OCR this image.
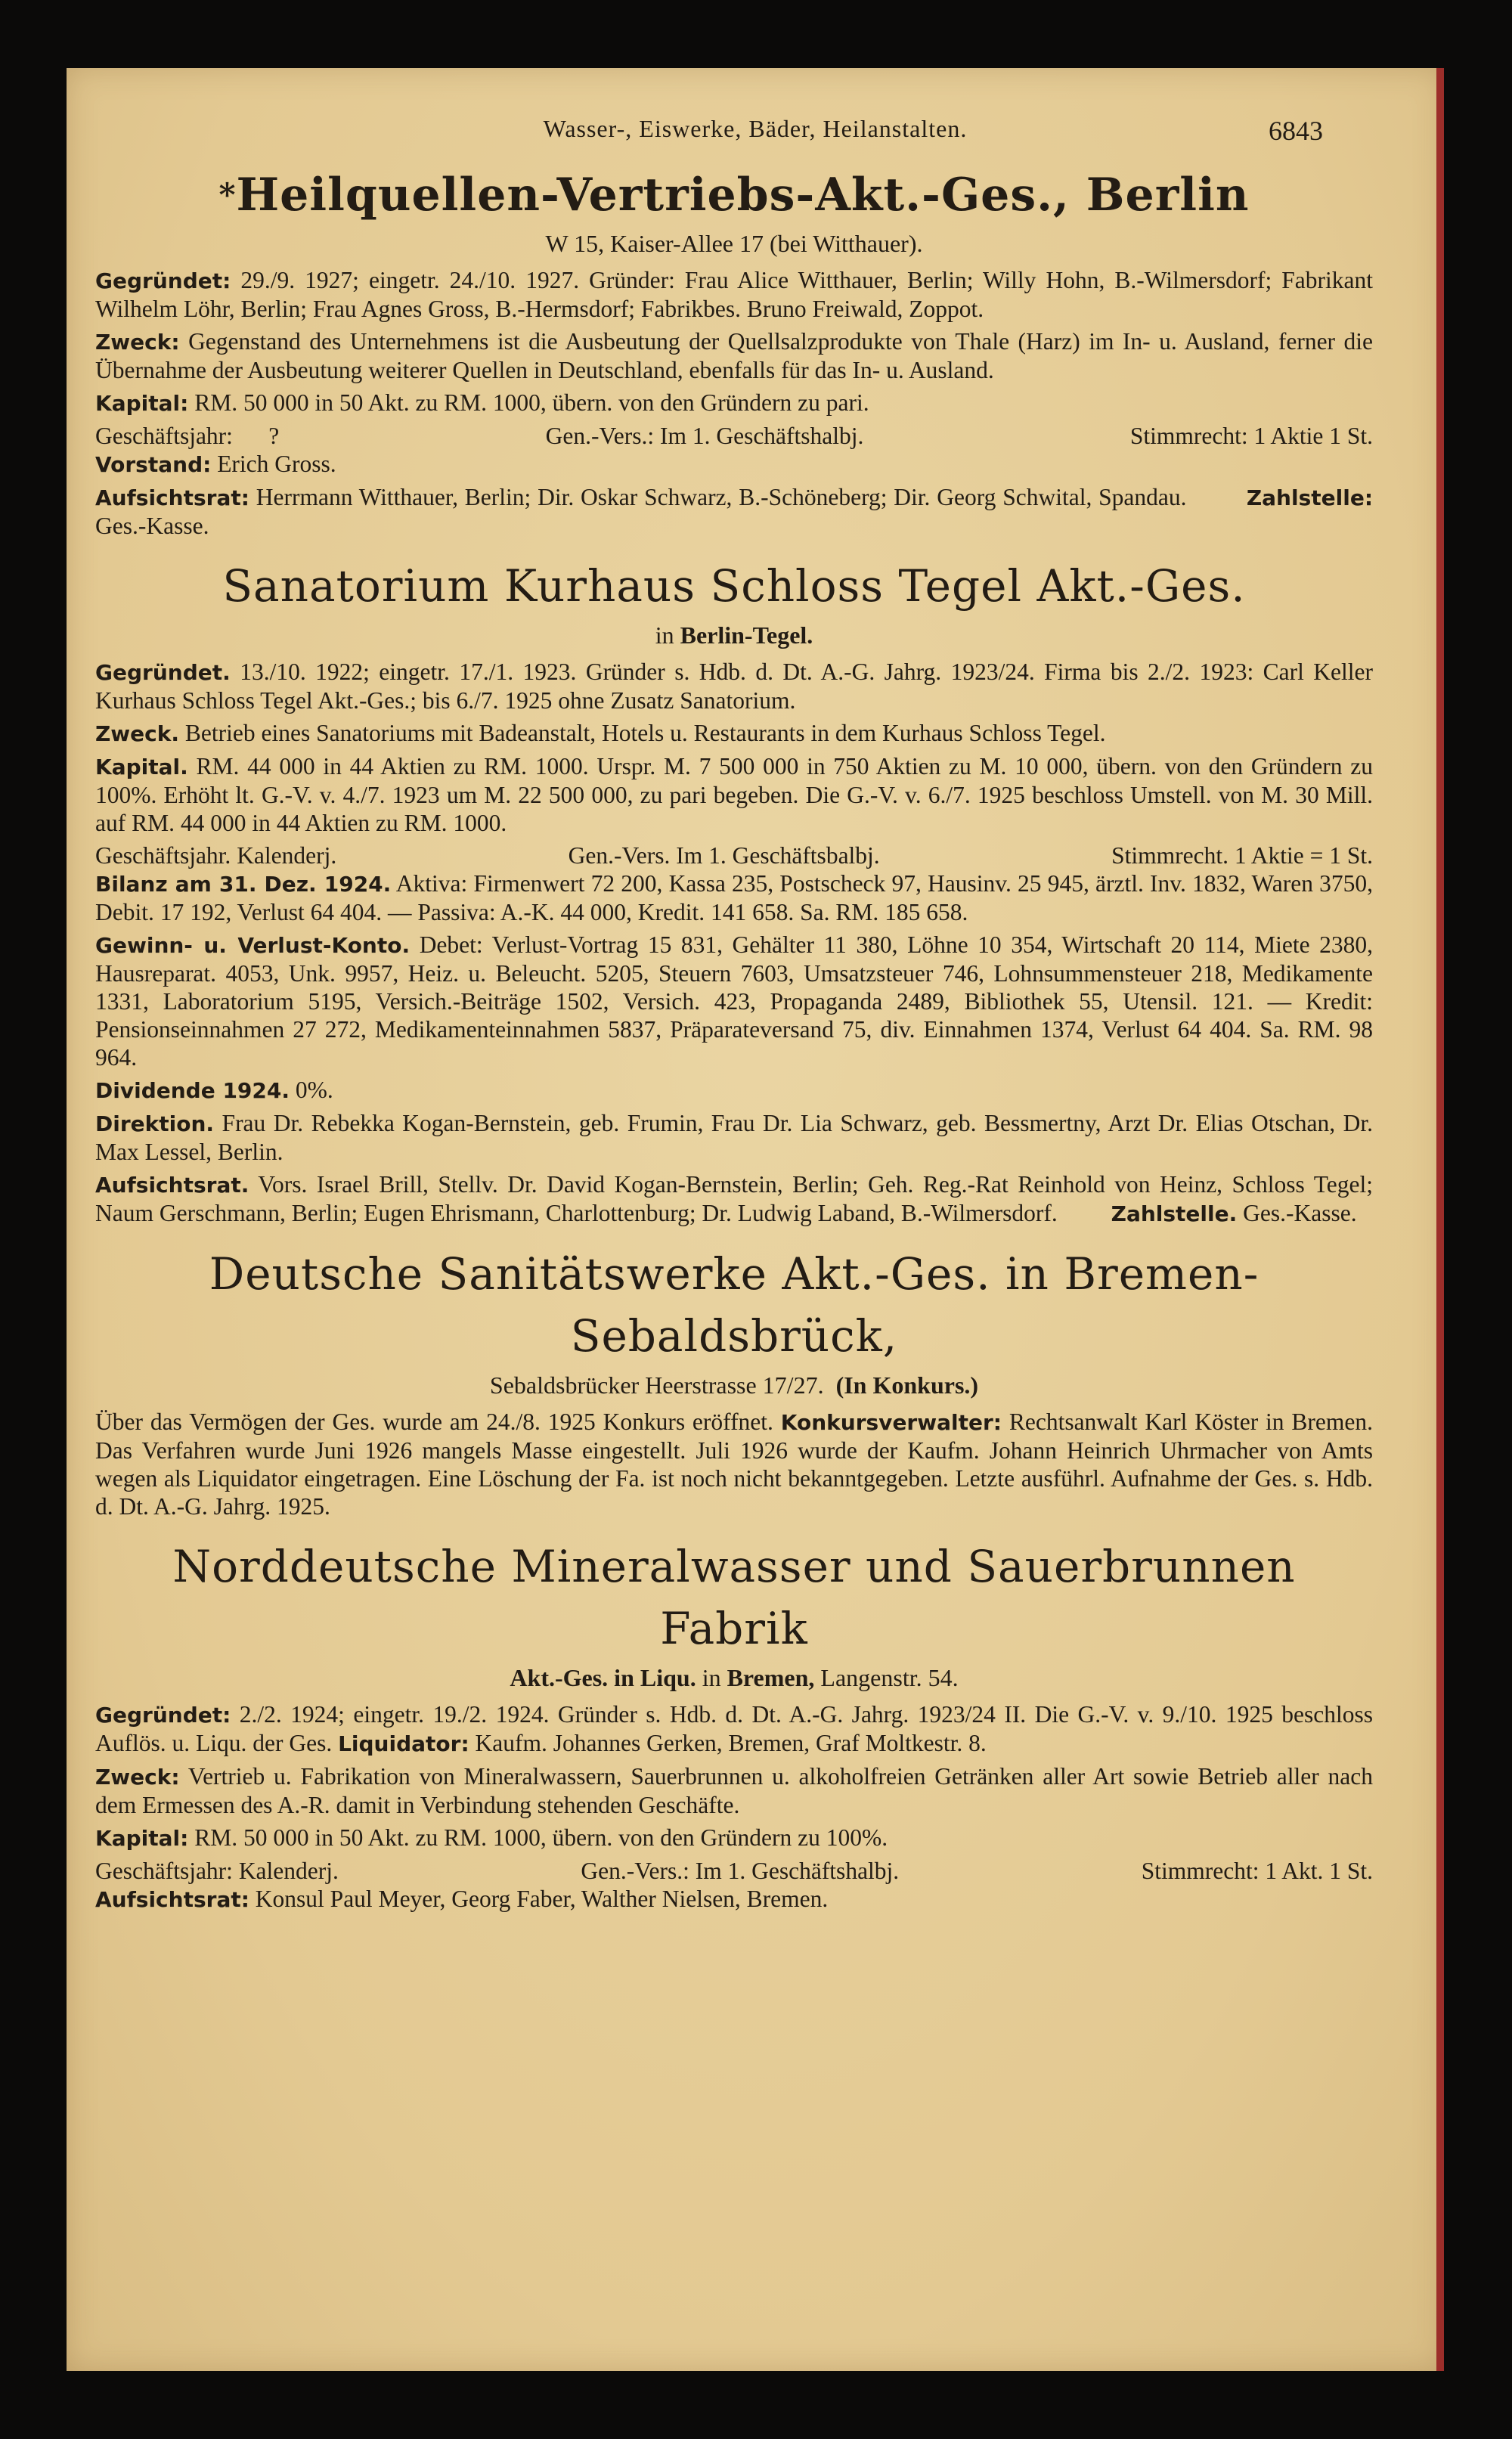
Wasser-, Eiswerke, Bäder, Heilanstalten.	6843
*Heilquellen-Vertriebs-Akt.-Ges., Berlin
W 15, Kaiser-Allee 17 (bei Witthauer).

Gegründet: 29./9. 1927; eingetr. 24./10. 1927. Gründer: Frau Alice Witthauer, Berlin; Willy Hohn, B.-Wilmersdorf; Fabrikant Wilhelm Löhr, Berlin; Frau Agnes Gross, B.-Hermsdorf; Fabrikbes. Bruno Freiwald, Zoppot.

Zweck: Gegenstand des Unternehmens ist die Ausbeutung der Quellsalzprodukte von Thale (Harz) im In- u. Ausland, ferner die Übernahme der Ausbeutung weiterer Quellen in Deutschland, ebenfalls für das In- u. Ausland.

Kapital: RM. 50 000 in 50 Akt. zu RM. 1000, übern. von den Gründern zu pari.

Geschäftsjahr: ?	Gen.-Vers.: Im 1. Geschäftshalbj.	Stimmrecht: 1 Aktie 1 St.

Vorstand: Erich Gross.

Aufsichtsrat: Herrmann Witthauer, Berlin; Dir. Oskar Schwarz, B.-Schöneberg; Dir. Georg Schwital, Spandau.	Zahlstelle: Ges.-Kasse.

Sanatorium Kurhaus Schloss Tegel Akt.-Ges.
in Berlin-Tegel.

Gegründet. 13./10. 1922; eingetr. 17./1. 1923. Gründer s. Hdb. d. Dt. A.-G. Jahrg. 1923/24. Firma bis 2./2. 1923: Carl Keller Kurhaus Schloss Tegel Akt.-Ges.; bis 6./7. 1925 ohne Zusatz Sanatorium.

Zweck. Betrieb eines Sanatoriums mit Badeanstalt, Hotels u. Restaurants in dem Kurhaus Schloss Tegel.

Kapital. RM. 44 000 in 44 Aktien zu RM. 1000. Urspr. M. 7 500 000 in 750 Aktien zu M. 10 000, übern. von den Gründern zu 100%. Erhöht lt. G.-V. v. 4./7. 1923 um M. 22 500 000, zu pari begeben. Die G.-V. v. 6./7. 1925 beschloss Umstell. von M. 30 Mill. auf RM. 44 000 in 44 Aktien zu RM. 1000.

Geschäftsjahr. Kalenderj.	Gen.-Vers. Im 1. Geschäftsbalbj.	Stimmrecht. 1 Aktie = 1 St.

Bilanz am 31. Dez. 1924. Aktiva: Firmenwert 72 200, Kassa 235, Postscheck 97, Hausinv. 25 945, ärztl. Inv. 1832, Waren 3750, Debit. 17 192, Verlust 64 404. — Passiva: A.-K. 44 000, Kredit. 141 658. Sa. RM. 185 658.

Gewinn- u. Verlust-Konto. Debet: Verlust-Vortrag 15 831, Gehälter 11 380, Löhne 10 354, Wirtschaft 20 114, Miete 2380, Hausreparat. 4053, Unk. 9957, Heiz. u. Beleucht. 5205, Steuern 7603, Umsatzsteuer 746, Lohnsummensteuer 218, Medikamente 1331, Laboratorium 5195, Versich.-Beiträge 1502, Versich. 423, Propaganda 2489, Bibliothek 55, Utensil. 121. — Kredit: Pensionseinnahmen 27 272, Medikamenteinnahmen 5837, Präparateversand 75, div. Einnahmen 1374, Verlust 64 404. Sa. RM. 98 964.

Dividende 1924. 0%.

Direktion. Frau Dr. Rebekka Kogan-Bernstein, geb. Frumin, Frau Dr. Lia Schwarz, geb. Bessmertny, Arzt Dr. Elias Otschan, Dr. Max Lessel, Berlin.

Aufsichtsrat. Vors. Israel Brill, Stellv. Dr. David Kogan-Bernstein, Berlin; Geh. Reg.-Rat Reinhold von Heinz, Schloss Tegel; Naum Gerschmann, Berlin; Eugen Ehrismann, Charlottenburg; Dr. Ludwig Laband, B.-Wilmersdorf.	Zahlstelle. Ges.-Kasse.

Deutsche Sanitätswerke Akt.-Ges. in Bremen-Sebaldsbrück,
Sebaldsbrücker Heerstrasse 17/27. (In Konkurs.)

Über das Vermögen der Ges. wurde am 24./8. 1925 Konkurs eröffnet. Konkursverwalter: Rechtsanwalt Karl Köster in Bremen. Das Verfahren wurde Juni 1926 mangels Masse eingestellt. Juli 1926 wurde der Kaufm. Johann Heinrich Uhrmacher von Amts wegen als Liquidator eingetragen. Eine Löschung der Fa. ist noch nicht bekanntgegeben. Letzte ausführl. Aufnahme der Ges. s. Hdb. d. Dt. A.-G. Jahrg. 1925.

Norddeutsche Mineralwasser und Sauerbrunnen Fabrik
Akt.-Ges. in Liqu. in Bremen, Langenstr. 54.

Gegründet: 2./2. 1924; eingetr. 19./2. 1924. Gründer s. Hdb. d. Dt. A.-G. Jahrg. 1923/24 II. Die G.-V. v. 9./10. 1925 beschloss Auflös. u. Liqu. der Ges. Liquidator: Kaufm. Johannes Gerken, Bremen, Graf Moltkestr. 8.

Zweck: Vertrieb u. Fabrikation von Mineralwassern, Sauerbrunnen u. alkoholfreien Getränken aller Art sowie Betrieb aller nach dem Ermessen des A.-R. damit in Verbindung stehenden Geschäfte.

Kapital: RM. 50 000 in 50 Akt. zu RM. 1000, übern. von den Gründern zu 100%.

Geschäftsjahr: Kalenderj.	Gen.-Vers.: Im 1. Geschäftshalbj.	Stimmrecht: 1 Akt. 1 St.

Aufsichtsrat: Konsul Paul Meyer, Georg Faber, Walther Nielsen, Bremen.
